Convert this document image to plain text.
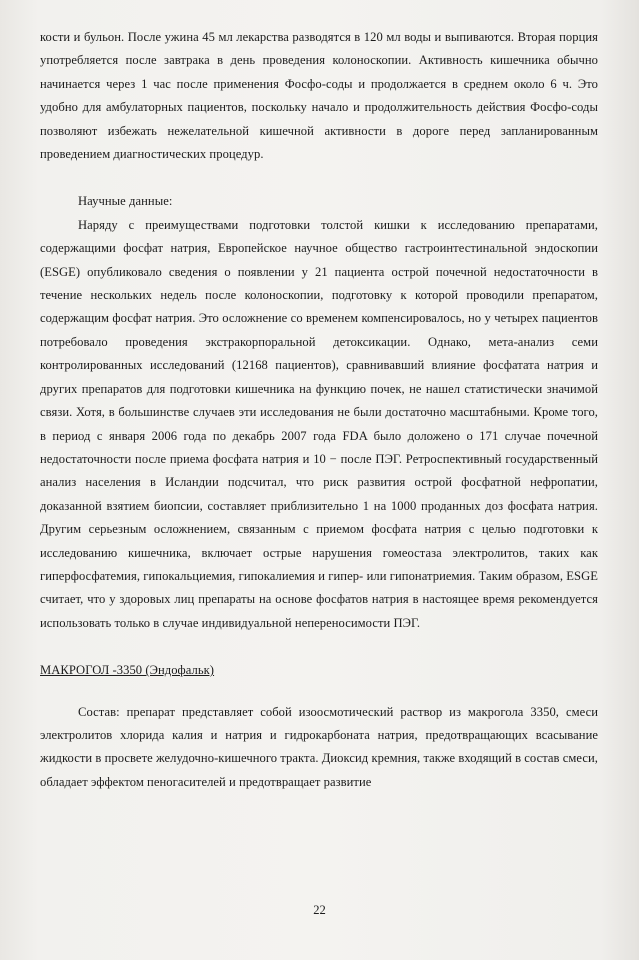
кости и бульон. После ужина 45 мл лекарства разводятся в 120 мл воды и выпиваются. Вторая порция употребляется после завтрака в день проведения колоноскопии. Активность кишечника обычно начинается через 1 час после применения Фосфо-соды и продолжается в среднем около 6 ч. Это удобно для амбулаторных пациентов, поскольку начало и продолжительность действия Фосфо-соды позволяют избежать нежелательной кишечной активности в дороге перед запланированным проведением диагностических процедур.

Научные данные:

Наряду с преимуществами подготовки толстой кишки к исследованию препаратами, содержащими фосфат натрия, Европейское научное общество гастроинтестинальной эндоскопии (ESGE) опубликовало сведения о появлении у 21 пациента острой почечной недостаточности в течение нескольких недель после колоноскопии, подготовку к которой проводили препаратом, содержащим фосфат натрия. Это осложнение со временем компенсировалось, но у четырех пациентов потребовало проведения экстракорпоральной детоксикации. Однако, мета-анализ семи контролированных исследований (12168 пациентов), сравнивавший влияние фосфатата натрия и других препаратов для подготовки кишечника на функцию почек, не нашел статистически значимой связи. Хотя, в большинстве случаев эти исследования не были достаточно масштабными. Кроме того, в период с января 2006 года по декабрь 2007 года FDA было доложено о 171 случае почечной недостаточности после приема фосфата натрия и 10 − после ПЭГ. Ретроспективный государственный анализ населения в Исландии подсчитал, что риск развития острой фосфатной нефропатии, доказанной взятием биопсии, составляет приблизительно 1 на 1000 проданных доз фосфата натрия. Другим серьезным осложнением, связанным с приемом фосфата натрия с целью подготовки к исследованию кишечника, включает острые нарушения гомеостаза электролитов, таких как гиперфосфатемия, гипокальциемия, гипокалиемия и гипер- или гипонатриемия. Таким образом, ESGE считает, что у здоровых лиц препараты на основе фосфатов натрия в настоящее время рекомендуется использовать только в случае индивидуальной непереносимости ПЭГ.

МАКРОГОЛ -3350 (Эндофальк)

Состав: препарат представляет собой изоосмотический раствор из макрогола 3350, смеси электролитов хлорида калия и натрия и гидрокарбоната натрия, предотвращающих всасывание жидкости в просвете желудочно-кишечного тракта. Диоксид кремния, также входящий в состав смеси, обладает эффектом пеногасителей и предотвращает развитие

22
